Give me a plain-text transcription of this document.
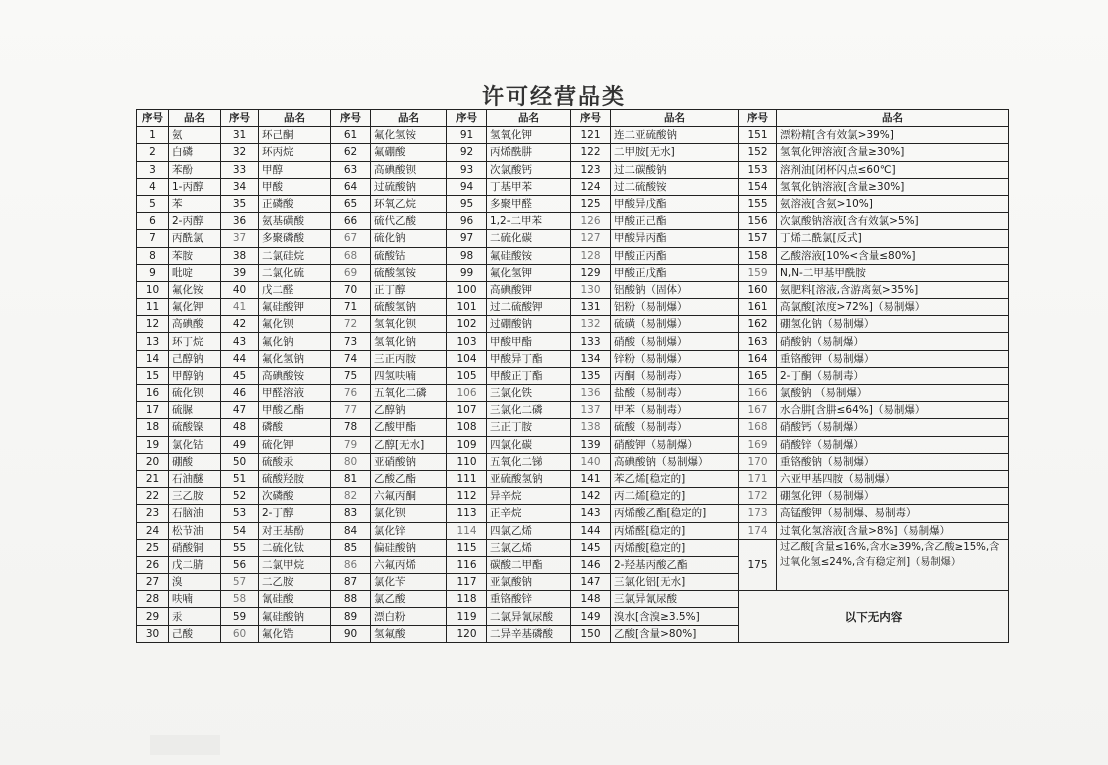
许可经营品类
序号	品名	序号	品名	序号	品名	序号	品名	序号	品名	序号	品名
1	氨	31	环己酮	61	氟化氢铵	91	氢氧化钾	121	连二亚硫酸钠	151	漂粉精[含有效氯>39%]
2	白磷	32	环丙烷	62	氟硼酸	92	丙烯酰肼	122	二甲胺[无水]	152	氢氧化钾溶液[含量≥30%]
3	苯酚	33	甲醇	63	高碘酸钡	93	次氯酸钙	123	过二碳酸钠	153	溶剂油[闭杯闪点≤60℃]
4	1-丙醇	34	甲酸	64	过硫酸钠	94	丁基甲苯	124	过二硫酸铵	154	氢氧化钠溶液[含量≥30%]
5	苯	35	正磷酸	65	环氧乙烷	95	多聚甲醛	125	甲酸异戊酯	155	氨溶液[含氨>10%]
6	2-丙醇	36	氨基磺酸	66	硫代乙酸	96	1,2-二甲苯	126	甲酸正己酯	156	次氯酸钠溶液[含有效氯>5%]
7	丙酰氯	37	多聚磷酸	67	硫化钠	97	二硫化碳	127	甲酸异丙酯	157	丁烯二酰氯[反式]
8	苯胺	38	二氯硅烷	68	硫酸钴	98	氟硅酸铵	128	甲酸正丙酯	158	乙酸溶液[10%<含量≤80%]
9	吡啶	39	二氯化硫	69	硫酸氢铵	99	氟化氢钾	129	甲酸正戊酯	159	N,N-二甲基甲酰胺
10	氟化铵	40	戊二醛	70	正丁醇	100	高碘酸钾	130	铝酸钠（固体）	160	氨肥料[溶液,含游离氨>35%]
11	氟化钾	41	氟硅酸钾	71	硫酸氢钠	101	过二硫酸钾	131	铝粉（易制爆）	161	高氯酸[浓度>72%]（易制爆）
12	高碘酸	42	氟化钡	72	氢氧化钡	102	过硼酸钠	132	硫磺（易制爆）	162	硼氢化钠（易制爆）
13	环丁烷	43	氟化钠	73	氢氧化钠	103	甲酸甲酯	133	硝酸（易制爆）	163	硝酸钠（易制爆）
14	己醇钠	44	氟化氢钠	74	三正丙胺	104	甲酸异丁酯	134	锌粉（易制爆）	164	重铬酸钾（易制爆）
15	甲醇钠	45	高碘酸铵	75	四氢呋喃	105	甲酸正丁酯	135	丙酮（易制毒）	165	2-丁酮（易制毒）
16	硫化钡	46	甲醛溶液	76	五氧化二磷	106	三氯化铁	136	盐酸（易制毒）	166	氯酸钠 （易制爆）
17	硫脲	47	甲酸乙酯	77	乙醇钠	107	三氯化二磷	137	甲苯（易制毒）	167	水合肼[含肼≤64%]（易制爆）
18	硫酸镍	48	磷酸	78	乙酸甲酯	108	三正丁胺	138	硫酸（易制毒）	168	硝酸钙（易制爆）
19	氯化钴	49	硫化钾	79	乙醇[无水]	109	四氯化碳	139	硝酸钾（易制爆）	169	硝酸锌（易制爆）
20	硼酸	50	硫酸汞	80	亚硝酸钠	110	五氧化二锑	140	高碘酸钠（易制爆）	170	重铬酸钠（易制爆）
21	石油醚	51	硫酸羟胺	81	乙酸乙酯	111	亚硫酸氢钠	141	苯乙烯[稳定的]	171	六亚甲基四胺（易制爆）
22	三乙胺	52	次磷酸	82	六氟丙酮	112	异辛烷	142	丙二烯[稳定的]	172	硼氢化钾（易制爆）
23	石脑油	53	2-丁醇	83	氯化钡	113	正辛烷	143	丙烯酸乙酯[稳定的]	173	高锰酸钾（易制爆、易制毒）
24	松节油	54	对王基酚	84	氯化锌	114	四氯乙烯	144	丙烯醛[稳定的]	174	过氧化氢溶液[含量>8%]（易制爆）
25	硝酸铜	55	二硫化钛	85	偏硅酸钠	115	三氯乙烯	145	丙烯酸[稳定的]	175	过乙酸[含量≤16%,含水≥39%,含乙酸≥15%,含过氧化氢≤24%,含有稳定剂]（易制爆）
26	戊二腈	56	二氯甲烷	86	六氟丙烯	116	碳酸二甲酯	146	2-羟基丙酸乙酯		
27	溴	57	二乙胺	87	氯化苄	117	亚氯酸钠	147	三氯化铝[无水]		
28	呋喃	58	氰硅酸	88	氯乙酸	118	重铬酸锌	148	三氯异氰尿酸	以下无内容	
29	汞	59	氟硅酸钠	89	漂白粉	119	二氯异氰尿酸	149	溴水[含溴≥3.5%]		
30	己酸	60	氟化锆	90	氢氟酸	120	二异辛基磷酸	150	乙酸[含量>80%]		
